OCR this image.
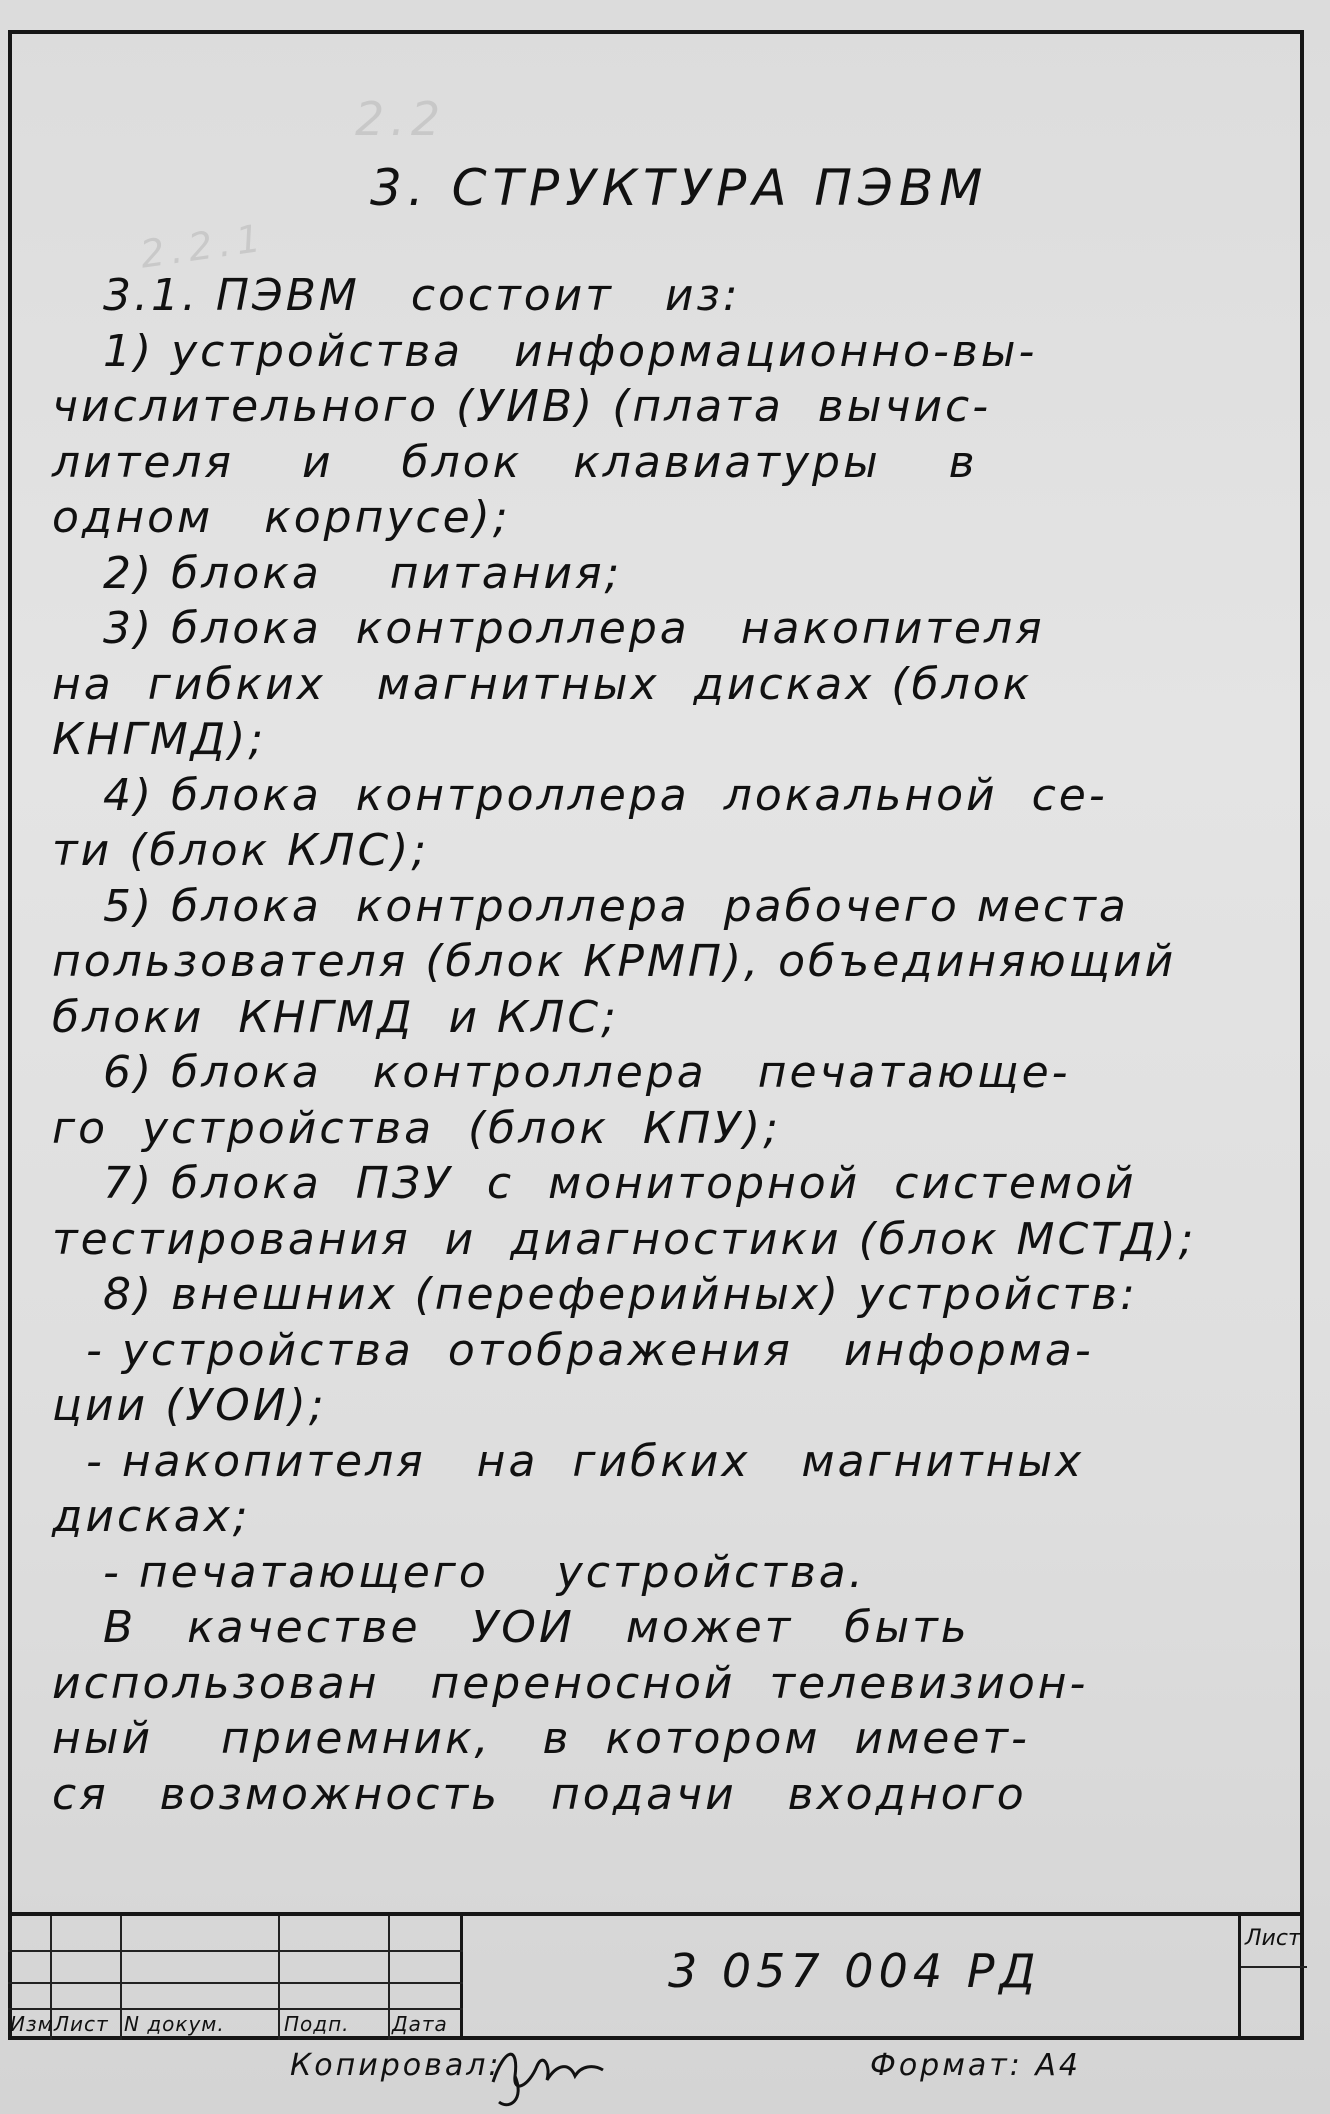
2.2
2.2.1
3. СТРУКТУРА ПЭВМ
3.1. ПЭВМ   состоит   из:
1) устройства   информационно-вы-
числительного (УИВ) (плата  вычис-
лителя    и    блок   клавиатуры    в
одном   корпусе);
2) блока    питания;
3) блока  контроллера   накопителя
на  гибких   магнитных  дисках (блок
КНГМД);
4) блока  контроллера  локальной  се-
ти (блок КЛС);
5) блока  контроллера  рабочего места
пользователя (блок КРМП), объединяющий
блоки  КНГМД  и КЛС;
6) блока   контроллера   печатающе-
го  устройства  (блок  КПУ);
7) блока  ПЗУ  с  мониторной  системой
тестирования  и  диагностики (блок МСТД);
8) внешних (переферийных) устройств:
- устройства  отображения   информа-
ции (УОИ);
- накопителя   на  гибких   магнитных
дисках;
- печатающего    устройства.
В   качестве   УОИ   может   быть
использован   переносной  телевизион-
ный    приемник,   в  котором  имеет-
ся   возможность   подачи   входного
Изм Лист N докум.	Подп. Дата
3 057 004 РД
Лист
Копировал:	Формат: А4
